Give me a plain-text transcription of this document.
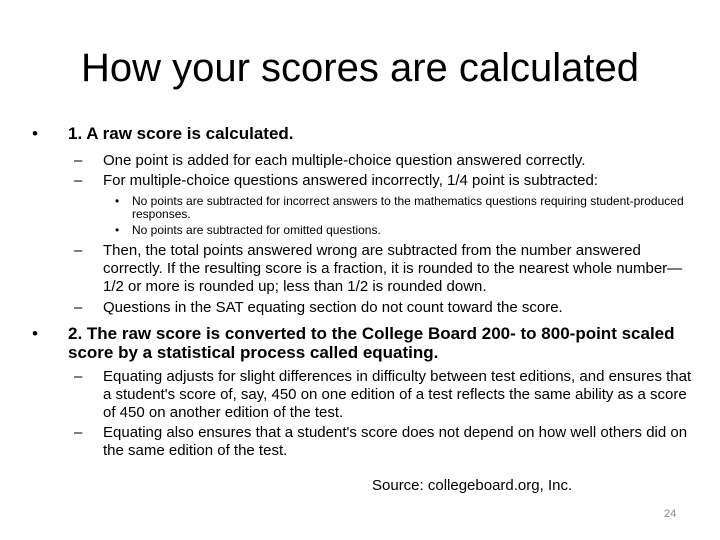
How your scores are calculated
• 1. A raw score is calculated.
– One point is added for each multiple-choice question answered correctly.
– For multiple-choice questions answered incorrectly, 1/4 point is subtracted:
• No points are subtracted for incorrect answers to the mathematics questions requiring student-produced responses.
• No points are subtracted for omitted questions.
– Then, the total points answered wrong are subtracted from the number answered correctly. If the resulting score is a fraction, it is rounded to the nearest whole number—1/2 or more is rounded up; less than 1/2 is rounded down.
– Questions in the SAT equating section do not count toward the score.
• 2. The raw score is converted to the College Board 200- to 800-point scaled score by a statistical process called equating.
– Equating adjusts for slight differences in difficulty between test editions, and ensures that a student's score of, say, 450 on one edition of a test reflects the same ability as a score of 450 on another edition of the test.
– Equating also ensures that a student's score does not depend on how well others did on the same edition of the test.
Source: collegeboard.org, Inc.
24
